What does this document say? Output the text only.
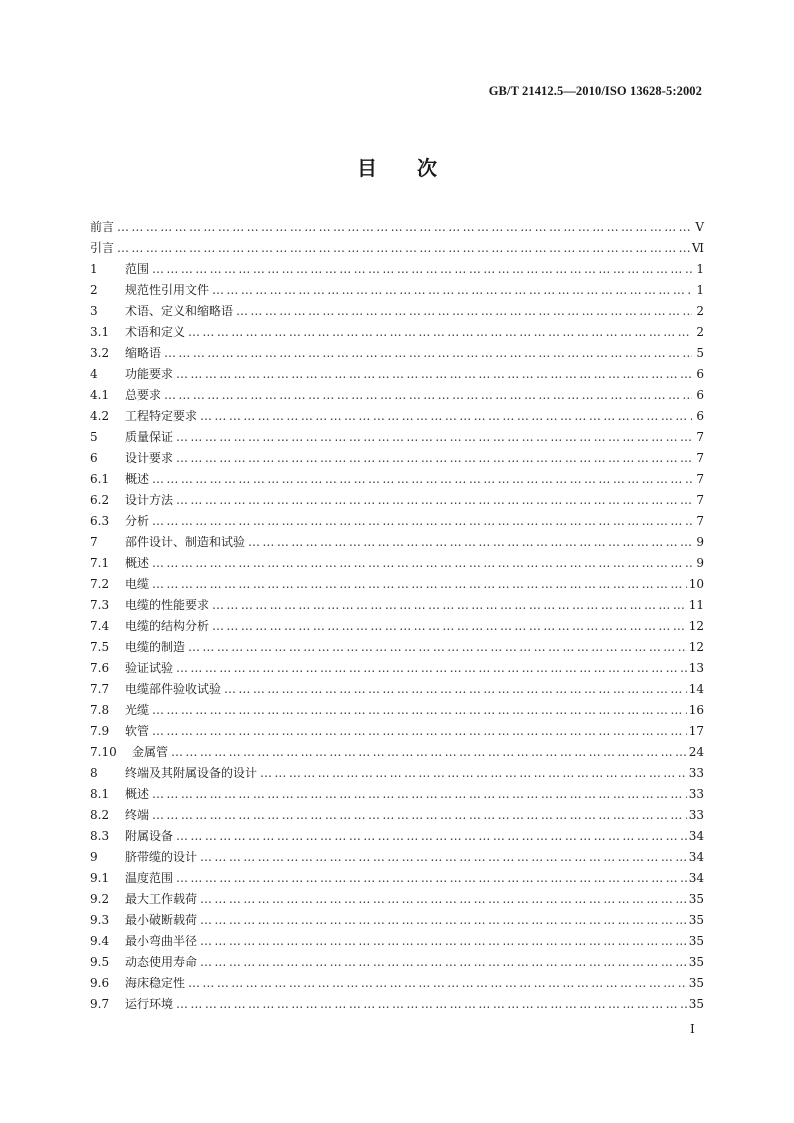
GB/T 21412.5—2010/ISO 13628-5:2002
目次
前言 ……………………………………………………………………………………………………………………………………………………………………………………………………………………………………………	Ⅴ
引言 ……………………………………………………………………………………………………………………………………………………………………………………………………………………………………………	Ⅵ
1	范围 ……………………………………………………………………………………………………………………………………………………………………………………………………………………………………………	1
2	规范性引用文件 ……………………………………………………………………………………………………………………………………………………………………………………………………………………………………………	1
3	术语、定义和缩略语 ……………………………………………………………………………………………………………………………………………………………………………………………………………………………………………	2
3.1	术语和定义 ……………………………………………………………………………………………………………………………………………………………………………………………………………………………………………	2
3.2	缩略语 ……………………………………………………………………………………………………………………………………………………………………………………………………………………………………………	5
4	功能要求 ……………………………………………………………………………………………………………………………………………………………………………………………………………………………………………	6
4.1	总要求 ……………………………………………………………………………………………………………………………………………………………………………………………………………………………………………	6
4.2	工程特定要求 ……………………………………………………………………………………………………………………………………………………………………………………………………………………………………………	6
5	质量保证 ……………………………………………………………………………………………………………………………………………………………………………………………………………………………………………	7
6	设计要求 ……………………………………………………………………………………………………………………………………………………………………………………………………………………………………………	7
6.1	概述 ……………………………………………………………………………………………………………………………………………………………………………………………………………………………………………	7
6.2	设计方法 ……………………………………………………………………………………………………………………………………………………………………………………………………………………………………………	7
6.3	分析 ……………………………………………………………………………………………………………………………………………………………………………………………………………………………………………	7
7	部件设计、制造和试验 ……………………………………………………………………………………………………………………………………………………………………………………………………………………………………………	9
7.1	概述 ……………………………………………………………………………………………………………………………………………………………………………………………………………………………………………	9
7.2	电缆 ……………………………………………………………………………………………………………………………………………………………………………………………………………………………………………	10
7.3	电缆的性能要求 ……………………………………………………………………………………………………………………………………………………………………………………………………………………………………………	11
7.4	电缆的结构分析 ……………………………………………………………………………………………………………………………………………………………………………………………………………………………………………	12
7.5	电缆的制造 ……………………………………………………………………………………………………………………………………………………………………………………………………………………………………………	12
7.6	验证试验 ……………………………………………………………………………………………………………………………………………………………………………………………………………………………………………	13
7.7	电缆部件验收试验 ……………………………………………………………………………………………………………………………………………………………………………………………………………………………………………	14
7.8	光缆 ……………………………………………………………………………………………………………………………………………………………………………………………………………………………………………	16
7.9	软管 ……………………………………………………………………………………………………………………………………………………………………………………………………………………………………………	17
7.10	金属管 ……………………………………………………………………………………………………………………………………………………………………………………………………………………………………………	24
8	终端及其附属设备的设计 ……………………………………………………………………………………………………………………………………………………………………………………………………………………………………………	33
8.1	概述 ……………………………………………………………………………………………………………………………………………………………………………………………………………………………………………	33
8.2	终端 ……………………………………………………………………………………………………………………………………………………………………………………………………………………………………………	33
8.3	附属设备 ……………………………………………………………………………………………………………………………………………………………………………………………………………………………………………	34
9	脐带缆的设计 ……………………………………………………………………………………………………………………………………………………………………………………………………………………………………………	34
9.1	温度范围 ……………………………………………………………………………………………………………………………………………………………………………………………………………………………………………	34
9.2	最大工作载荷 ……………………………………………………………………………………………………………………………………………………………………………………………………………………………………………	35
9.3	最小破断载荷 ……………………………………………………………………………………………………………………………………………………………………………………………………………………………………………	35
9.4	最小弯曲半径 ……………………………………………………………………………………………………………………………………………………………………………………………………………………………………………	35
9.5	动态使用寿命 ……………………………………………………………………………………………………………………………………………………………………………………………………………………………………………	35
9.6	海床稳定性 ……………………………………………………………………………………………………………………………………………………………………………………………………………………………………………	35
9.7	运行环境 ……………………………………………………………………………………………………………………………………………………………………………………………………………………………………………	35
I
